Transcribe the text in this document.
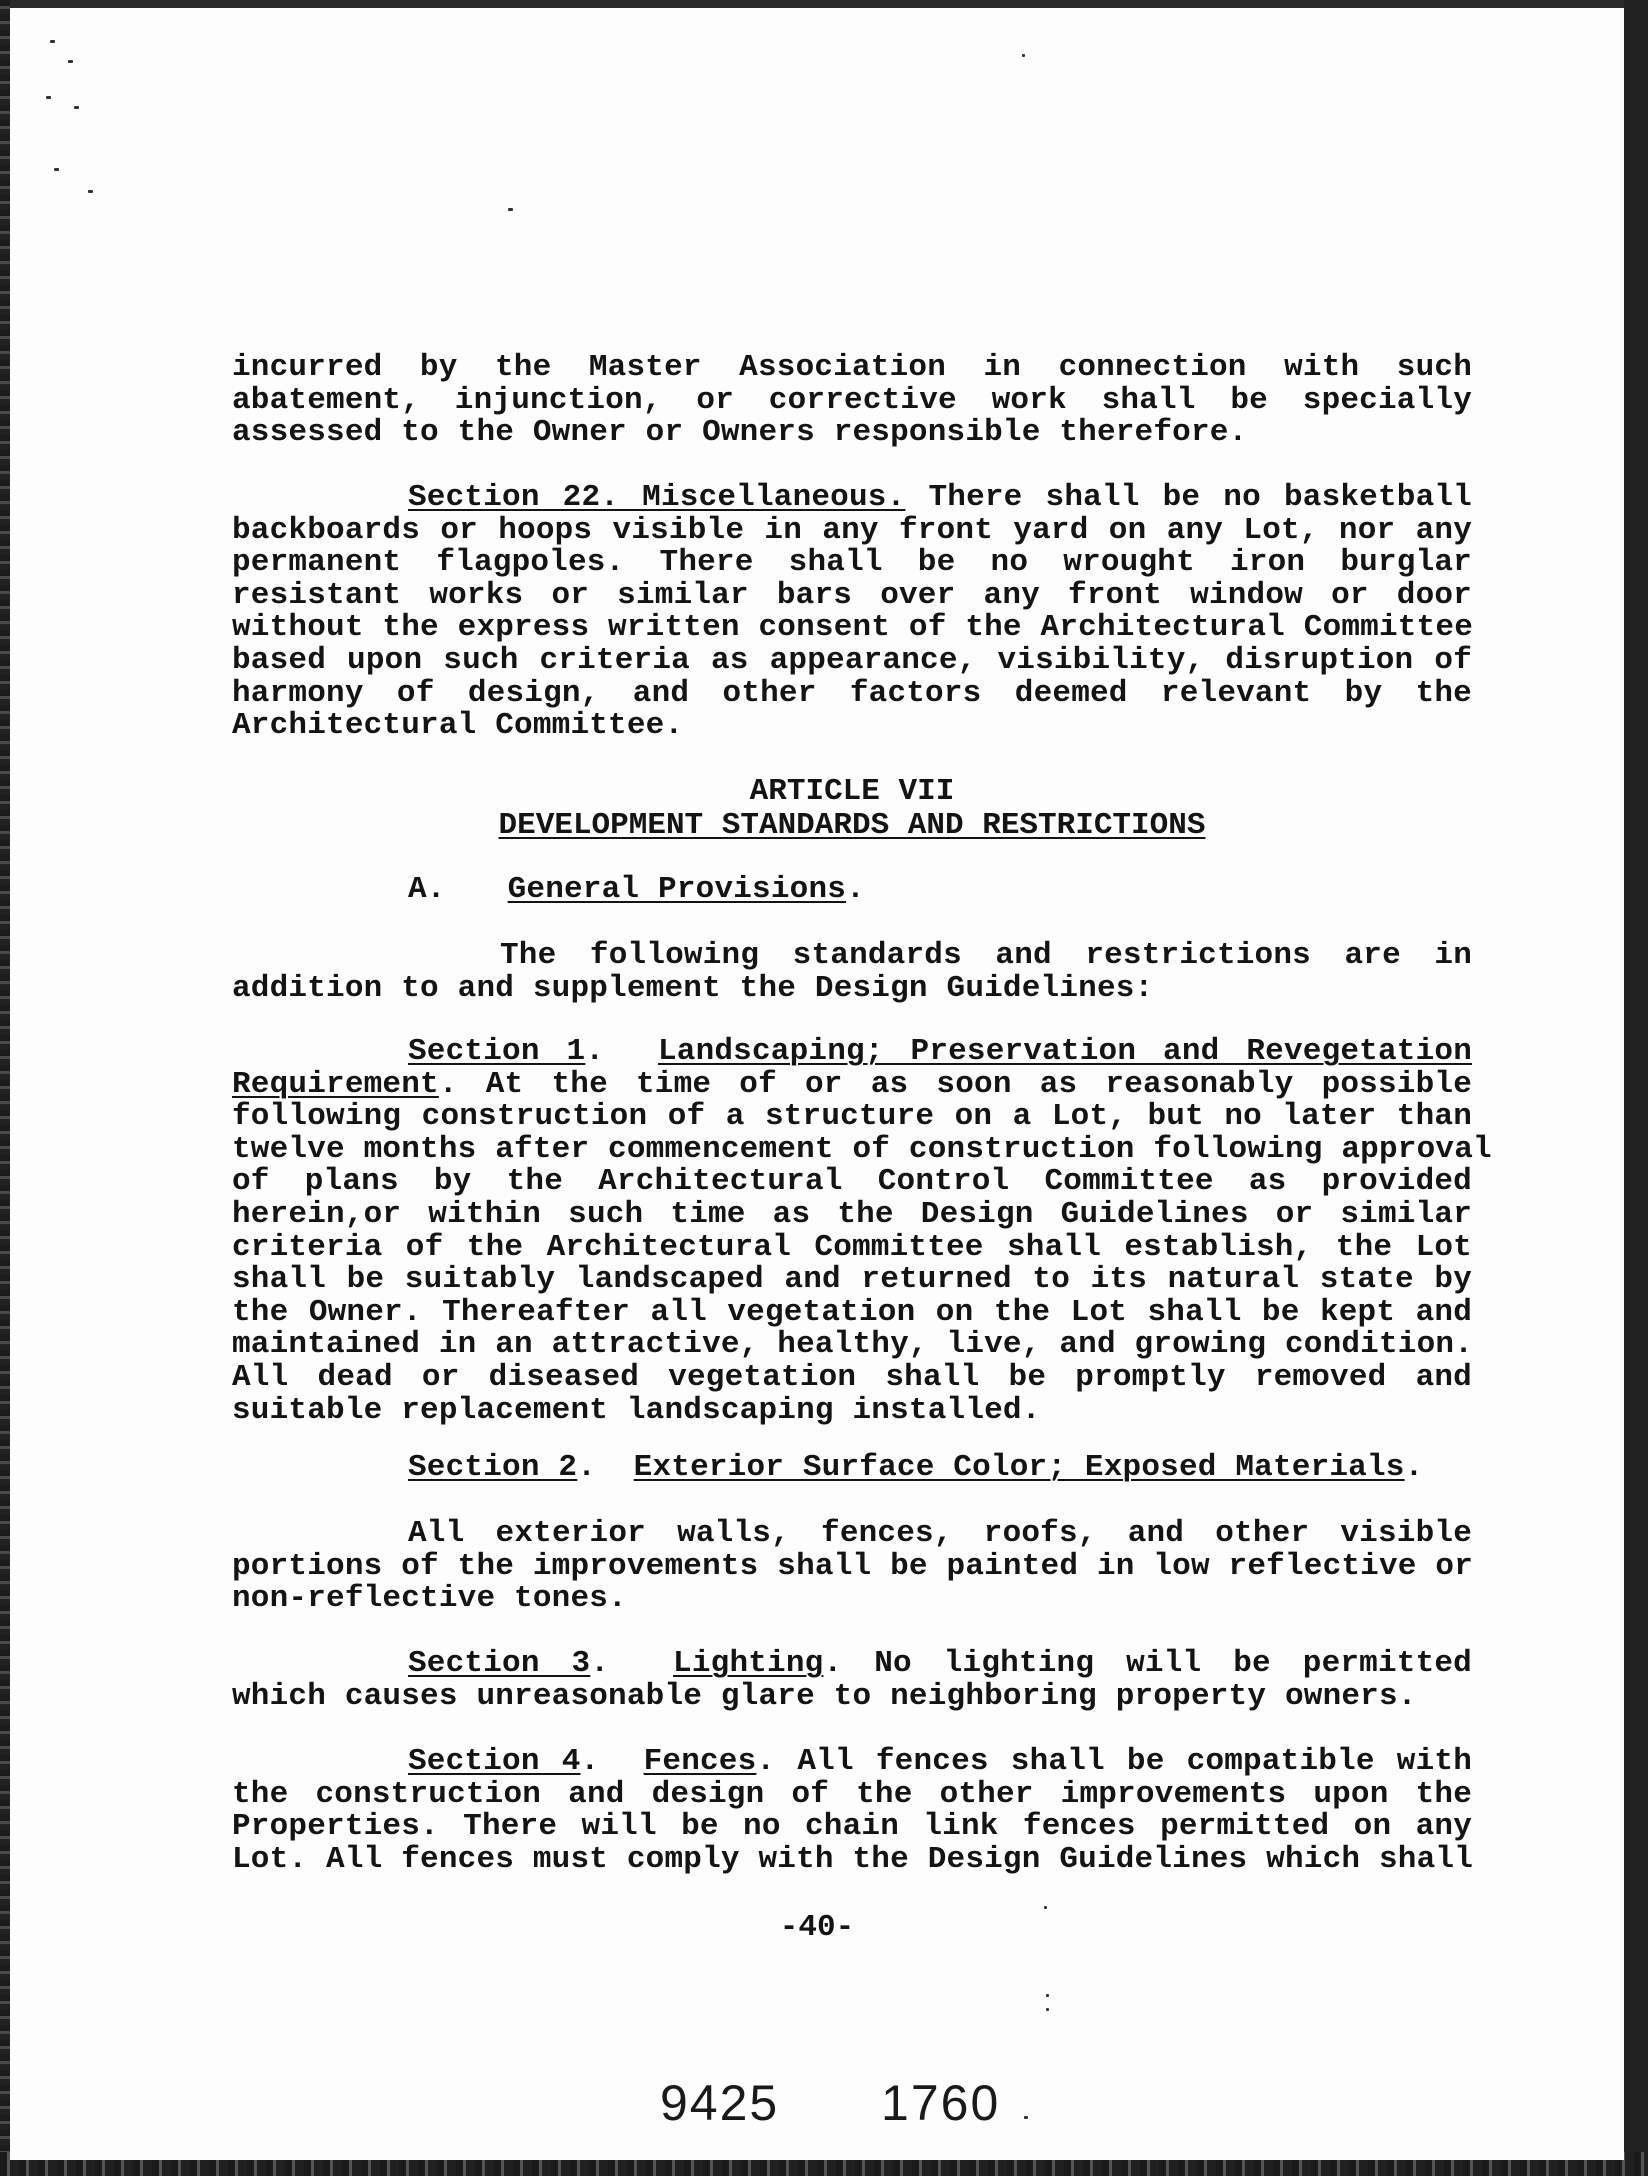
incurred by the Master Association in connection with such
abatement, injunction, or corrective work shall be specially
assessed to the Owner or Owners responsible therefore.
Section 22. Miscellaneous. There shall be no basketball
backboards or hoops visible in any front yard on any Lot, nor any
permanent flagpoles. There shall be no wrought iron burglar
resistant works or similar bars over any front window or door
without the express written consent of the Architectural Committee
based upon such criteria as appearance, visibility, disruption of
harmony of design, and other factors deemed relevant by the
Architectural Committee.
ARTICLE VII
DEVELOPMENT STANDARDS AND RESTRICTIONS
A. General Provisions.
The following standards and restrictions are in
addition to and supplement the Design Guidelines:
Section 1. Landscaping; Preservation and Revegetation
Requirement. At the time of or as soon as reasonably possible
following construction of a structure on a Lot, but no later than
twelve months after commencement of construction following approval
of plans by the Architectural Control Committee as provided
herein,or within such time as the Design Guidelines or similar
criteria of the Architectural Committee shall establish, the Lot
shall be suitably landscaped and returned to its natural state by
the Owner. Thereafter all vegetation on the Lot shall be kept and
maintained in an attractive, healthy, live, and growing condition.
All dead or diseased vegetation shall be promptly removed and
suitable replacement landscaping installed.
Section 2. Exterior Surface Color; Exposed Materials.
All exterior walls, fences, roofs, and other visible
portions of the improvements shall be painted in low reflective or
non-reflective tones.
Section 3. Lighting. No lighting will be permitted
which causes unreasonable glare to neighboring property owners.
Section 4. Fences. All fences shall be compatible with
the construction and design of the other improvements upon the
Properties. There will be no chain link fences permitted on any
Lot. All fences must comply with the Design Guidelines which shall
-40-
9425 1760
